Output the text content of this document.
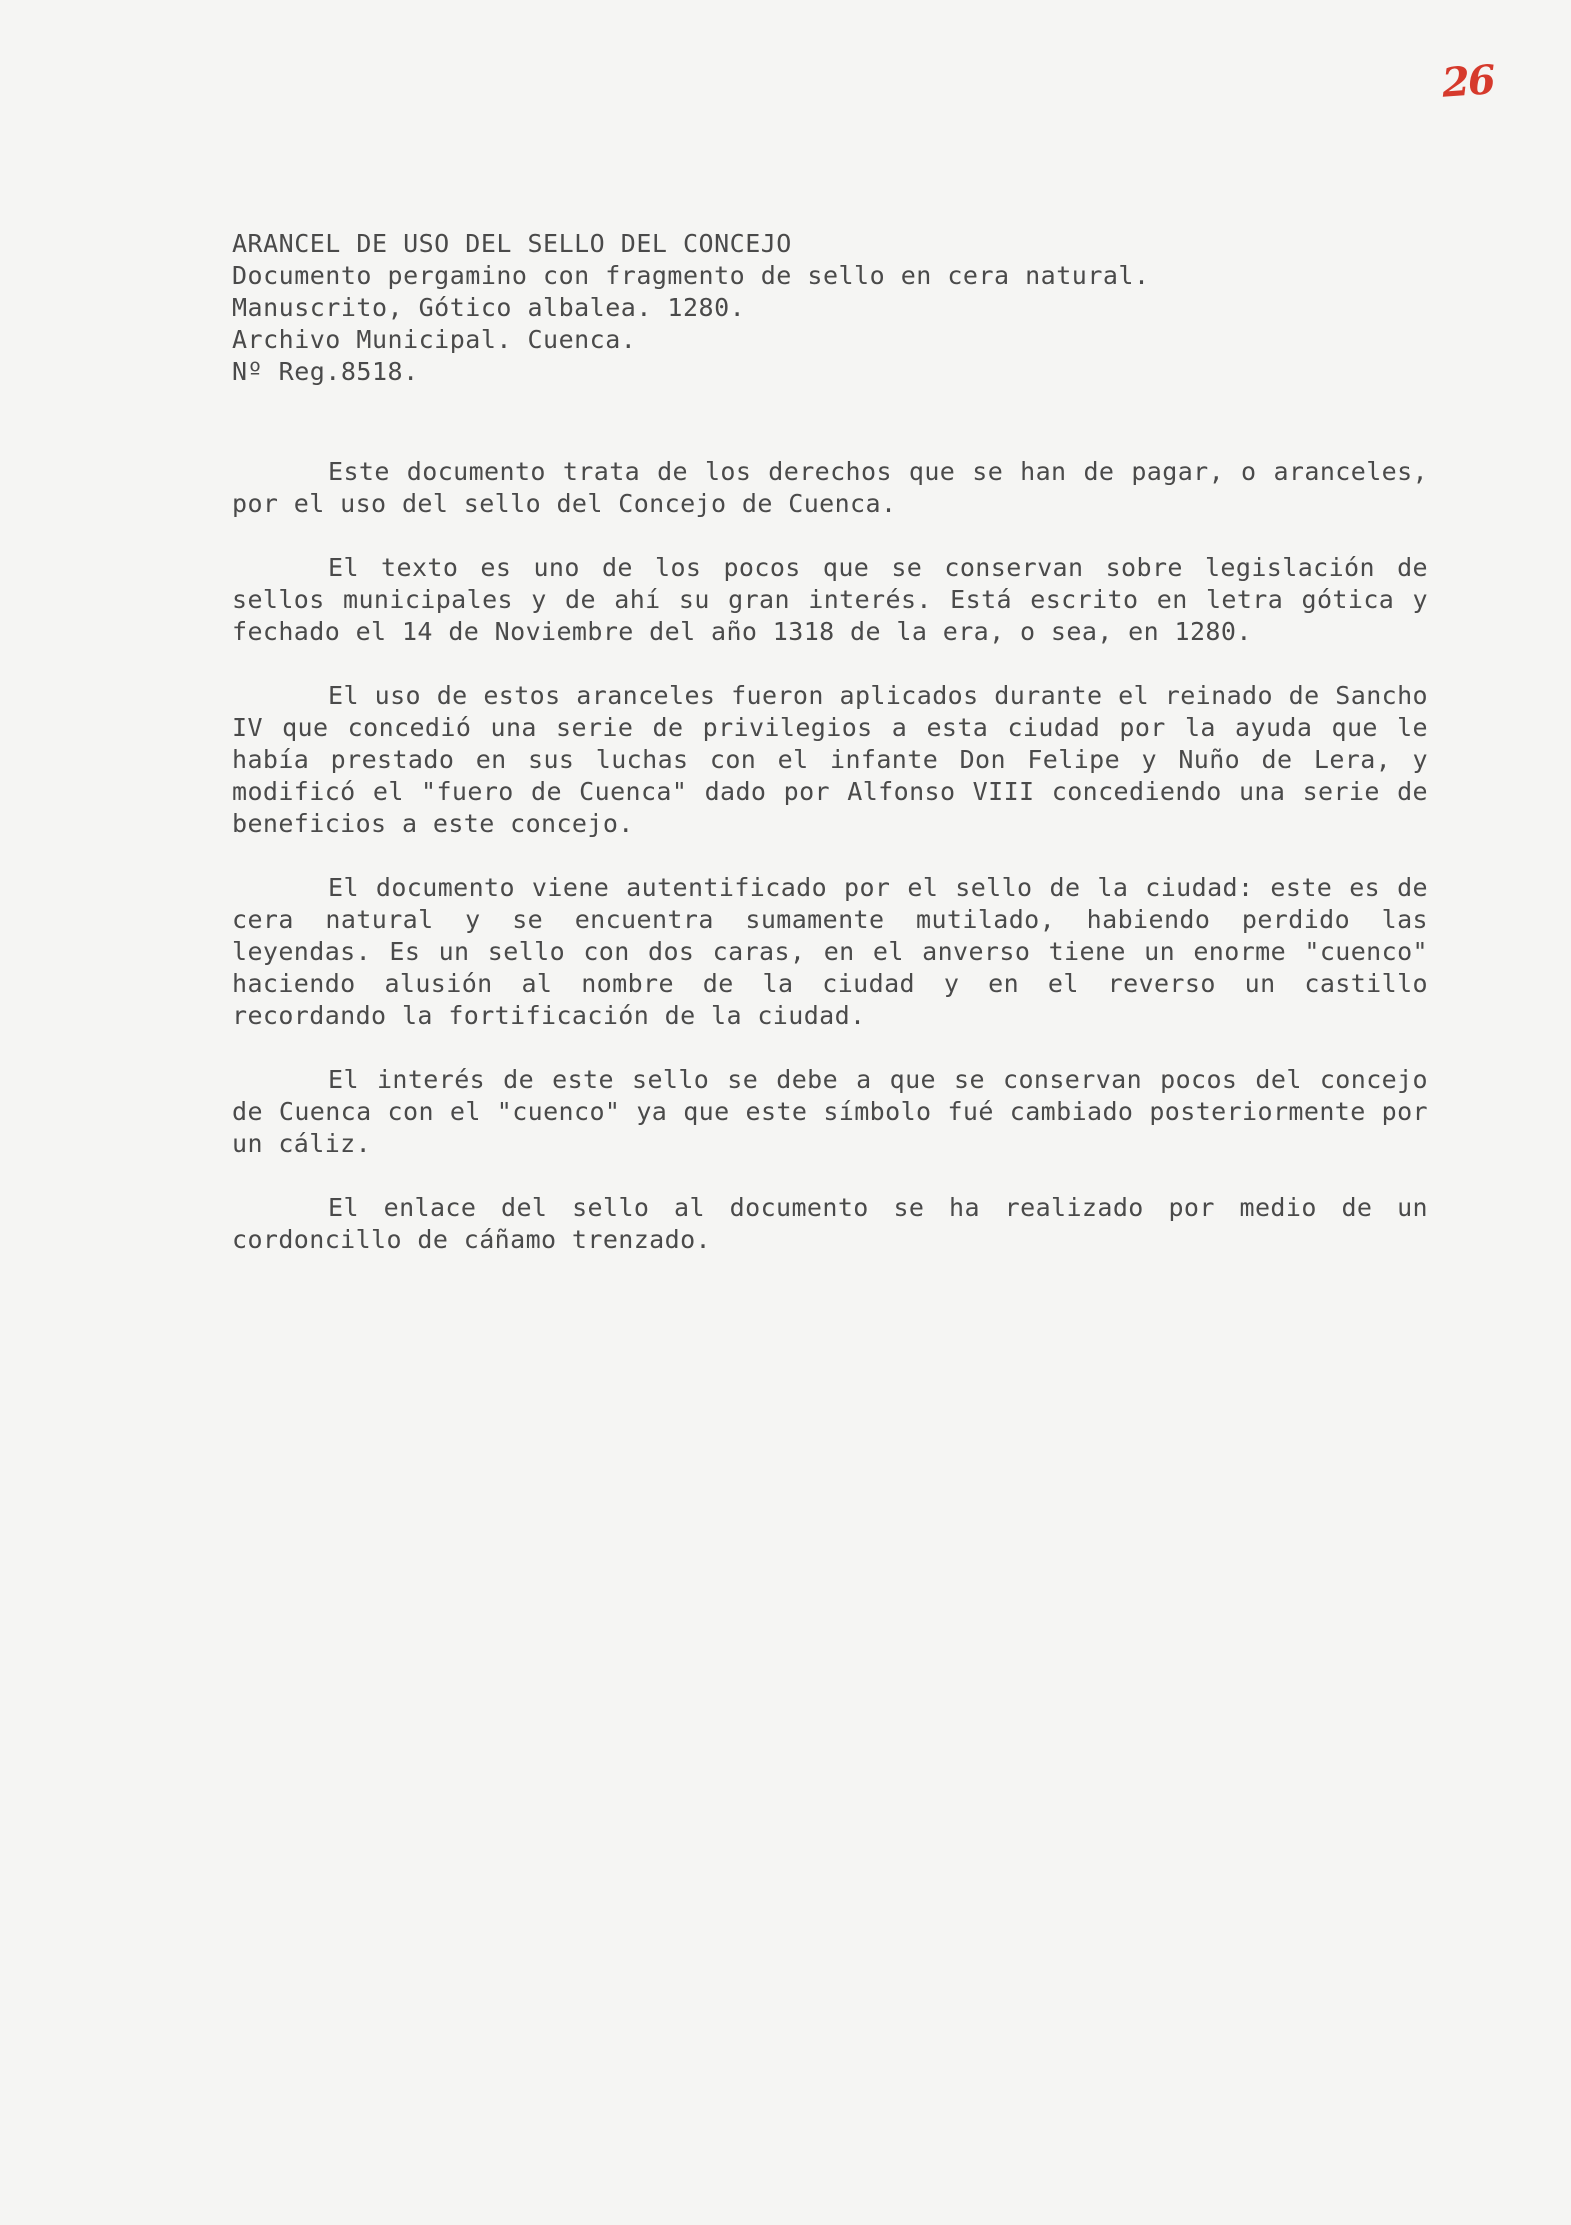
26
ARANCEL DE USO DEL SELLO DEL CONCEJO
Documento pergamino con fragmento de sello en cera natural.
Manuscrito, Gótico albalea. 1280.
Archivo Municipal. Cuenca.
Nº Reg.8518.

Este documento trata de los derechos que se han de pagar, o aranceles, por el uso del sello del Concejo de Cuenca.

El texto es uno de los pocos que se conservan sobre legislación de sellos municipales y de ahí su gran interés. Está escrito en letra gótica y fechado el 14 de Noviembre del año 1318 de la era, o sea, en 1280.

El uso de estos aranceles fueron aplicados durante el reinado de Sancho IV que concedió una serie de privilegios a esta ciudad por la ayuda que le había prestado en sus luchas con el infante Don Felipe y Nuño de Lera, y modificó el "fuero de Cuenca" dado por Alfonso VIII concediendo una serie de beneficios a este concejo.

El documento viene autentificado por el sello de la ciudad: este es de cera natural y se encuentra sumamente mutilado, habiendo perdido las leyendas. Es un sello con dos caras, en el anverso tiene un enorme "cuenco" haciendo alusión al nombre de la ciudad y en el reverso un castillo recordando la fortificación de la ciudad.

El interés de este sello se debe a que se conservan pocos del concejo de Cuenca con el "cuenco" ya que este símbolo fué cambiado posteriormente por un cáliz.

El enlace del sello al documento se ha realizado por medio de un cordoncillo de cáñamo trenzado.
